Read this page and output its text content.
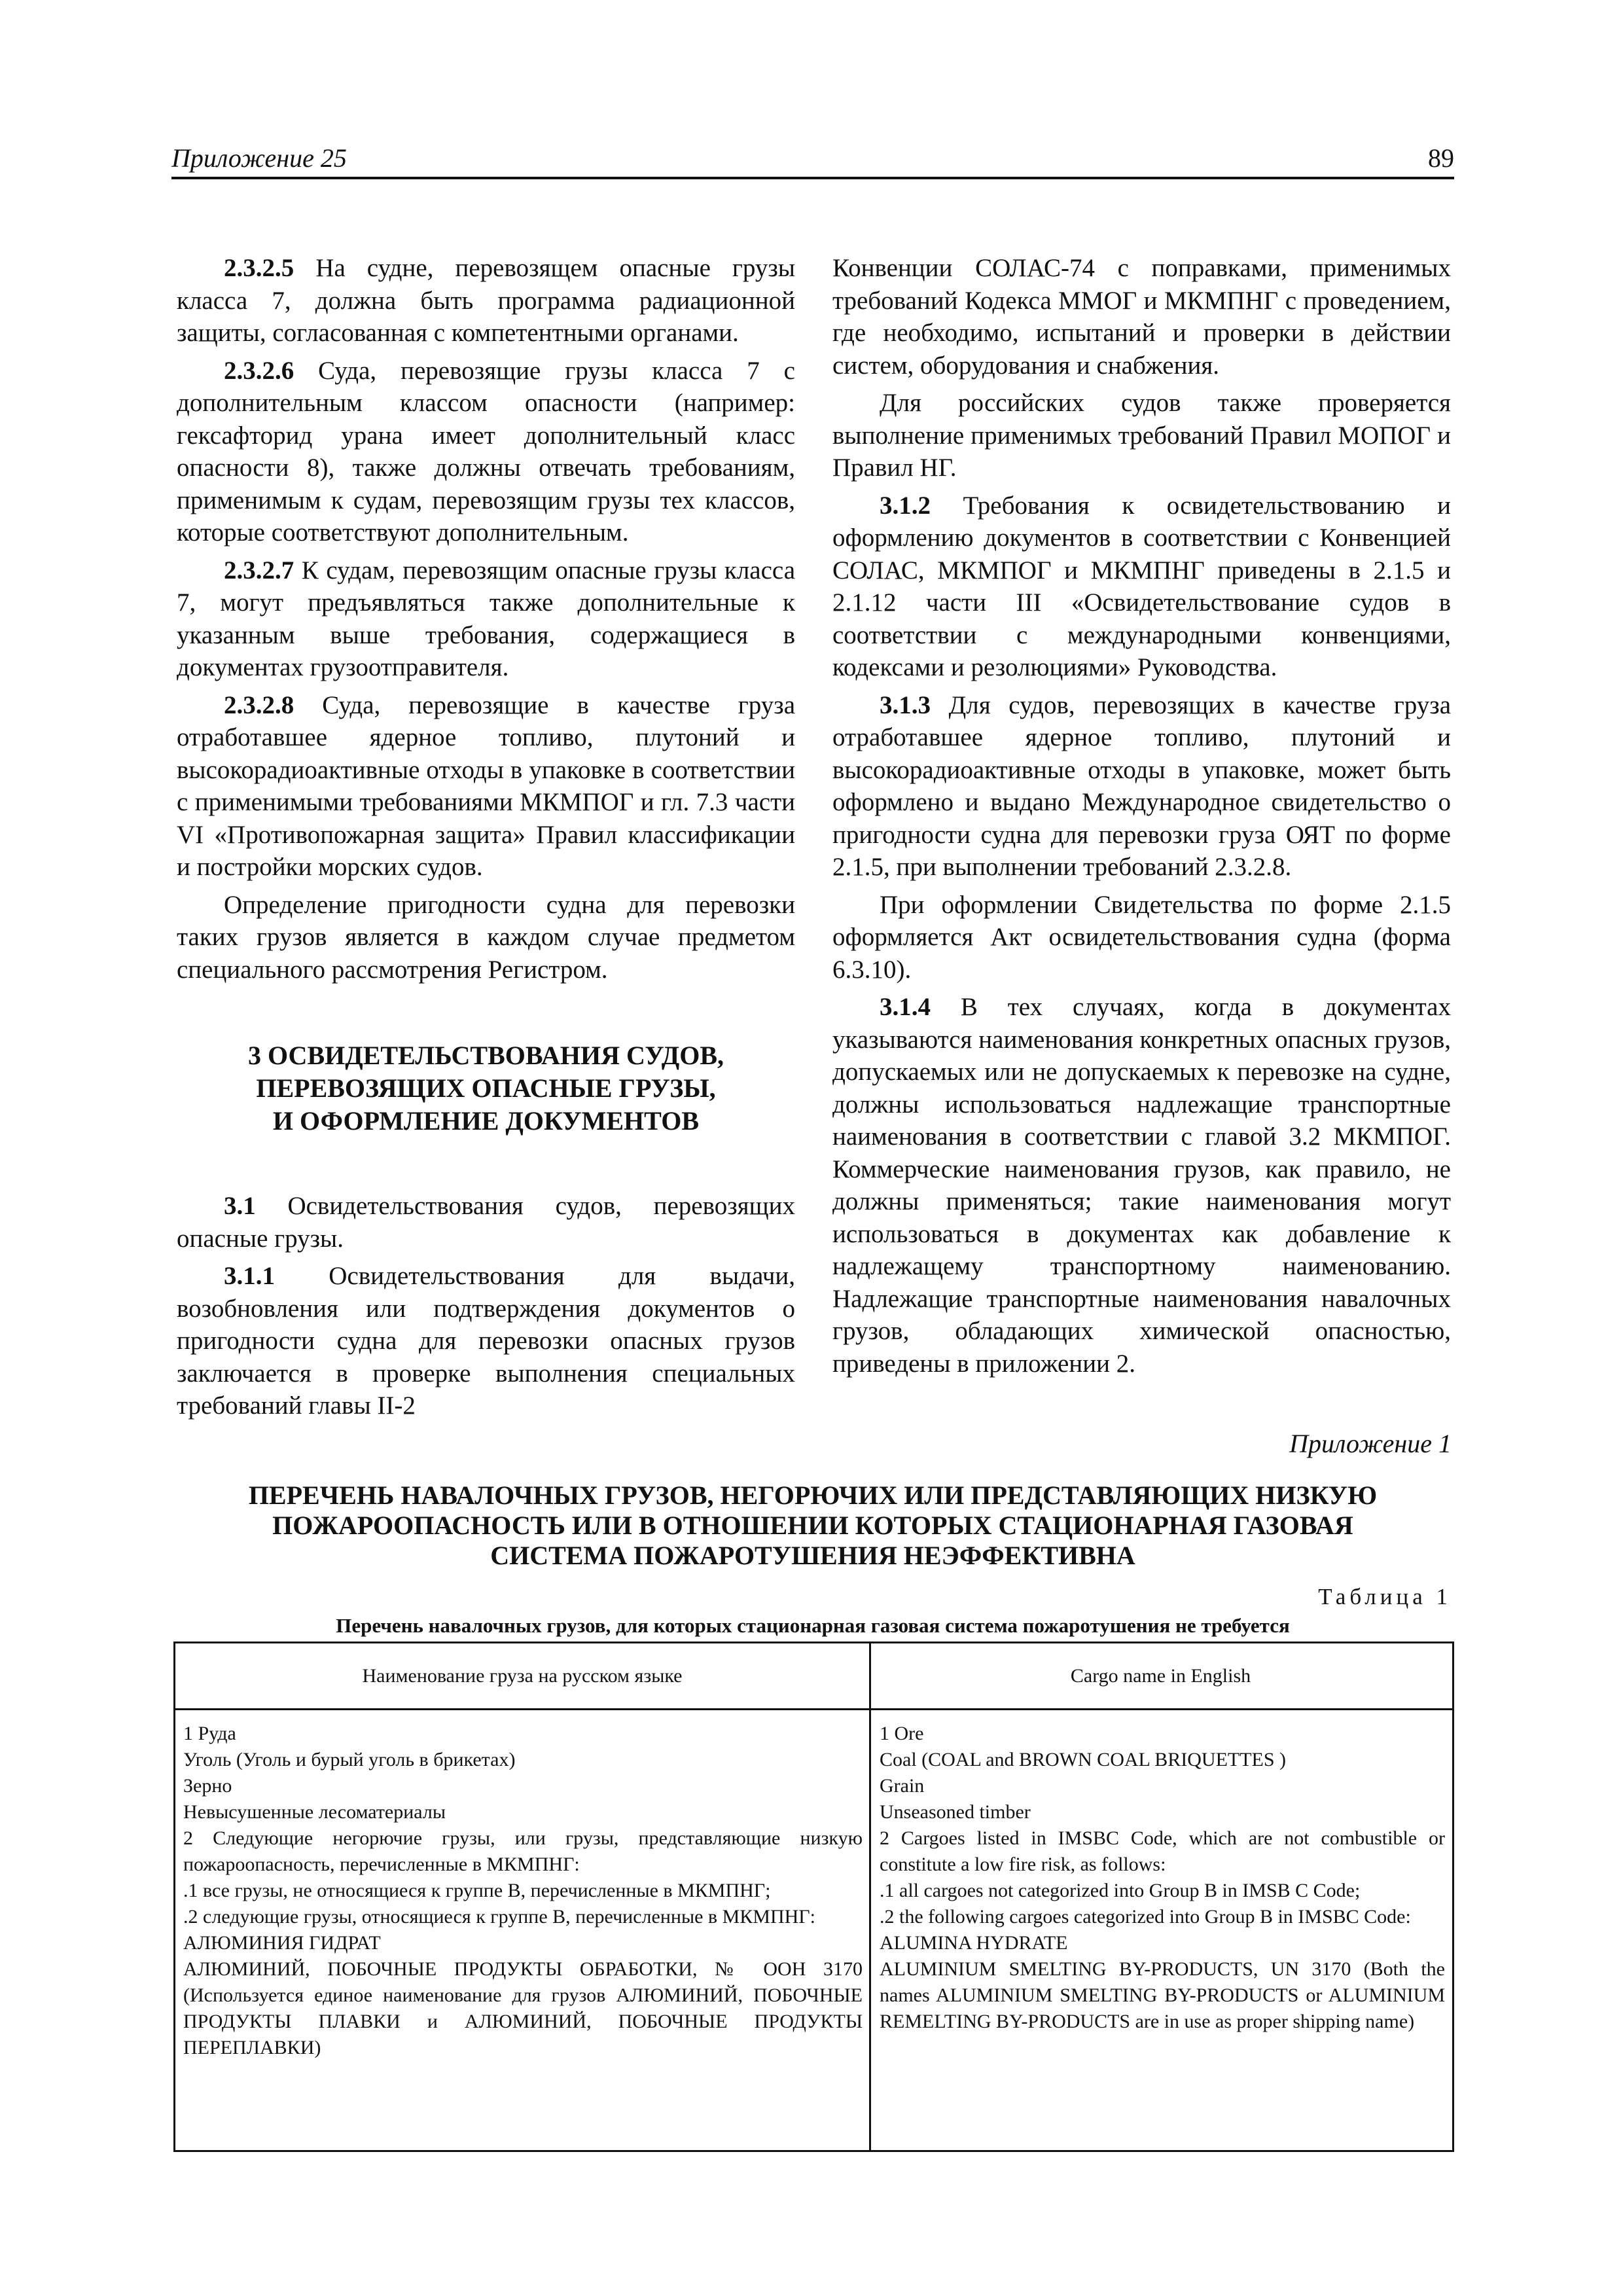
Приложение 25	89

2.3.2.5 На судне, перевозящем опасные грузы класса 7, должна быть программа радиационной защиты, согласованная с компетентными органами.

2.3.2.6 Суда, перевозящие грузы класса 7 с дополнительным классом опасности (например: гексафторид урана имеет дополнительный класс опасности 8), также должны отвечать требованиям, применимым к судам, перевозящим грузы тех классов, которые соответствуют дополнительным.

2.3.2.7 К судам, перевозящим опасные грузы класса 7, могут предъявляться также дополнительные к указанным выше требования, содержащиеся в документах грузоотправителя.

2.3.2.8 Суда, перевозящие в качестве груза отработавшее ядерное топливо, плутоний и высокорадиоактивные отходы в упаковке в соответствии с применимыми требованиями МКМПОГ и гл. 7.3 части VI «Противопожарная защита» Правил классификации и постройки морских судов.

Определение пригодности судна для перевозки таких грузов является в каждом случае предметом специального рассмотрения Регистром.

3 ОСВИДЕТЕЛЬСТВОВАНИЯ СУДОВ,
ПЕРЕВОЗЯЩИХ ОПАСНЫЕ ГРУЗЫ,
И ОФОРМЛЕНИЕ ДОКУМЕНТОВ

3.1 Освидетельствования судов, перевозящих опасные грузы.

3.1.1 Освидетельствования для выдачи, возобновления или подтверждения документов о пригодности судна для перевозки опасных грузов заключается в проверке выполнения специальных требований главы II-2

Конвенции СОЛАС-74 с поправками, применимых требований Кодекса ММОГ и МКМПНГ с проведением, где необходимо, испытаний и проверки в действии систем, оборудования и снабжения.

Для российских судов также проверяется выполнение применимых требований Правил МОПОГ и Правил НГ.

3.1.2 Требования к освидетельствованию и оформлению документов в соответствии с Конвенцией СОЛАС, МКМПОГ и МКМПНГ приведены в 2.1.5 и 2.1.12 части III «Освидетельствование судов в соответствии с международными конвенциями, кодексами и резолюциями» Руководства.

3.1.3 Для судов, перевозящих в качестве груза отработавшее ядерное топливо, плутоний и высокорадиоактивные отходы в упаковке, может быть оформлено и выдано Международное свидетельство о пригодности судна для перевозки груза ОЯТ по форме 2.1.5, при выполнении требований 2.3.2.8.

При оформлении Свидетельства по форме 2.1.5 оформляется Акт освидетельствования судна (форма 6.3.10).

3.1.4 В тех случаях, когда в документах указываются наименования конкретных опасных грузов, допускаемых или не допускаемых к перевозке на судне, должны использоваться надлежащие транспортные наименования в соответствии с главой 3.2 МКМПОГ. Коммерческие наименования грузов, как правило, не должны применяться; такие наименования могут использоваться в документах как добавление к надлежащему транспортному наименованию. Надлежащие транспортные наименования навалочных грузов, обладающих химической опасностью, приведены в приложении 2.

Приложение 1
ПЕРЕЧЕНЬ НАВАЛОЧНЫХ ГРУЗОВ, НЕГОРЮЧИХ ИЛИ ПРЕДСТАВЛЯЮЩИХ НИЗКУЮ
ПОЖАРООПАСНОСТЬ ИЛИ В ОТНОШЕНИИ КОТОРЫХ СТАЦИОНАРНАЯ ГАЗОВАЯ
СИСТЕМА ПОЖАРОТУШЕНИЯ НЕЭФФЕКТИВНА
Таблица 1
Перечень навалочных грузов, для которых стационарная газовая система пожаротушения не требуется
Наименование груза на русском языке	Cargo name in English
1 Руда
Уголь (Уголь и бурый уголь в брикетах)
Зерно
Невысушенные лесоматериалы
2 Следующие негорючие грузы, или грузы, представляющие низкую пожароопасность, перечисленные в МКМПНГ:
.1 все грузы, не относящиеся к группе В, перечисленные в МКМПНГ;
.2 следующие грузы, относящиеся к группе В, перечисленные в МКМПНГ:
АЛЮМИНИЯ ГИДРАТ
АЛЮМИНИЙ, ПОБОЧНЫЕ ПРОДУКТЫ ОБРАБОТКИ, № ООН 3170 (Используется единое наименование для грузов АЛЮМИНИЙ, ПОБОЧНЫЕ ПРОДУКТЫ ПЛАВКИ и АЛЮМИНИЙ, ПОБОЧНЫЕ ПРОДУКТЫ ПЕРЕПЛАВКИ)
1 Ore
Coal (COAL and BROWN COAL BRIQUETTES )
Grain
Unseasoned timber
2 Cargoes listed in IMSBC Code, which are not combustible or constitute a low fire risk, as follows:
.1 all cargoes not categorized into Group B in IMSB C Code;
.2 the following cargoes categorized into Group B in IMSBC Code:
ALUMINA HYDRATE
ALUMINIUM SMELTING BY-PRODUCTS, UN 3170 (Both the names ALUMINIUM SMELTING BY-PRODUCTS or ALUMINIUM REMELTING BY-PRODUCTS are in use as proper shipping name)
